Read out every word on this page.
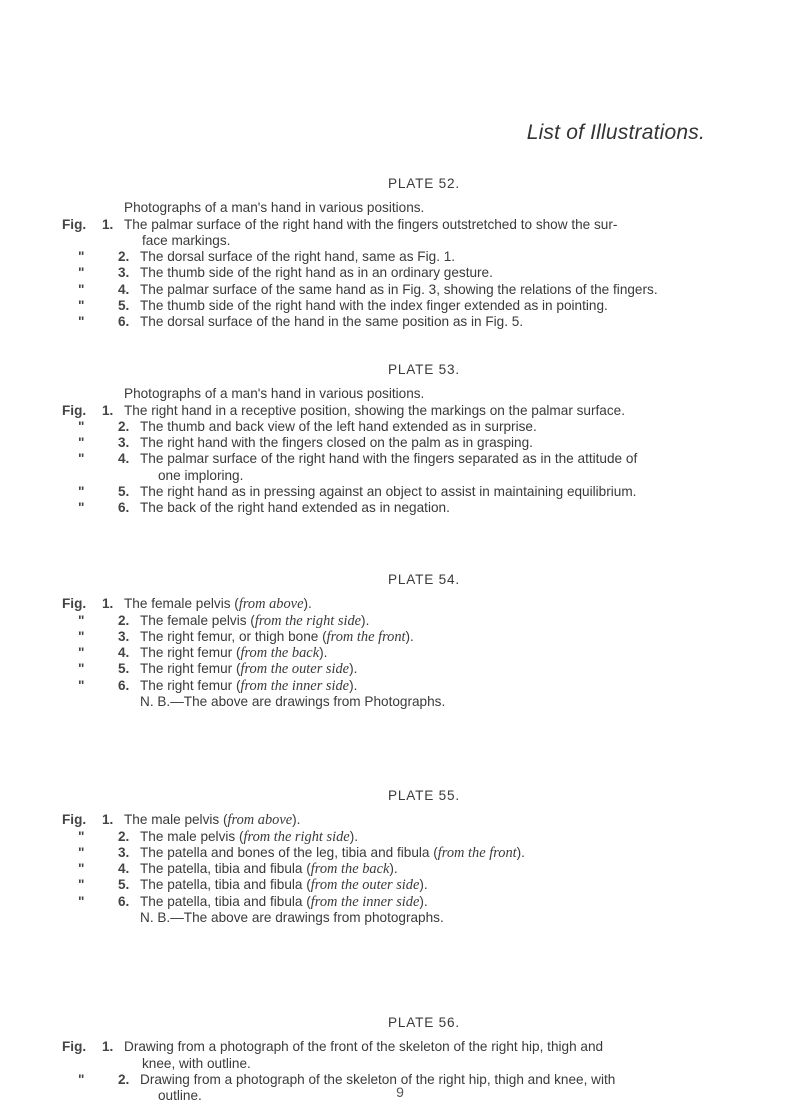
List of Illustrations.
PLATE 52.
Photographs of a man's hand in various positions.
Fig.	1. The palmar surface of the right hand with the fingers outstretched to show the sur-
face markings.
"	2. The dorsal surface of the right hand, same as Fig. 1.
"	3. The thumb side of the right hand as in an ordinary gesture.
"	4. The palmar surface of the same hand as in Fig. 3, showing the relations of the fingers.
"	5. The thumb side of the right hand with the index finger extended as in pointing.
"	6. The dorsal surface of the hand in the same position as in Fig. 5.
PLATE 53.
Photographs of a man's hand in various positions.
Fig.	1. The right hand in a receptive position, showing the markings on the palmar surface.
"	2. The thumb and back view of the left hand extended as in surprise.
"	3. The right hand with the fingers closed on the palm as in grasping.
"	4. The palmar surface of the right hand with the fingers separated as in the attitude of
one imploring.
"	5. The right hand as in pressing against an object to assist in maintaining equilibrium.
"	6. The back of the right hand extended as in negation.
PLATE 54.
Fig.	1. The female pelvis (from above).
"	2. The female pelvis (from the right side).
"	3. The right femur, or thigh bone (from the front).
"	4. The right femur (from the back).
"	5. The right femur (from the outer side).
"	6. The right femur (from the inner side).
N. B.—The above are drawings from Photographs.
PLATE 55.
Fig.	1. The male pelvis (from above).
"	2. The male pelvis (from the right side).
"	3. The patella and bones of the leg, tibia and fibula (from the front).
"	4. The patella, tibia and fibula (from the back).
"	5. The patella, tibia and fibula (from the outer side).
"	6. The patella, tibia and fibula (from the inner side).
N. B.—The above are drawings from photographs.
PLATE 56.
Fig.	1. Drawing from a photograph of the front of the skeleton of the right hip, thigh and
knee, with outline.
"	2. Drawing from a photograph of the skeleton of the right hip, thigh and knee, with
outline.	9
